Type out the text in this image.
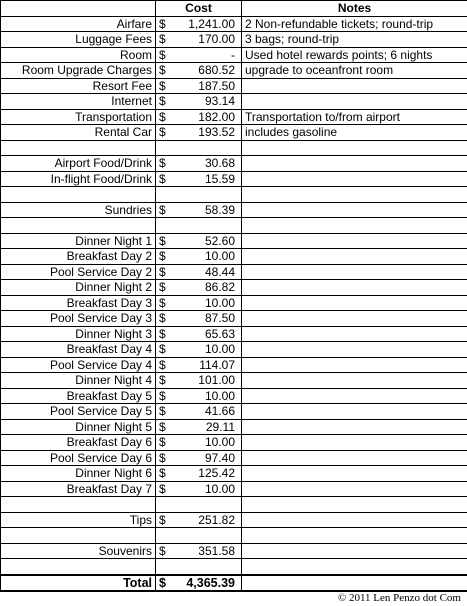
	Cost	Notes
Airfare	$ 1,241.00	2 Non-refundable tickets; round-trip
Luggage Fees	$ 170.00	3 bags; round-trip
Room	$ -	Used hotel rewards points; 6 nights
Room Upgrade Charges	$ 680.52	upgrade to oceanfront room
Resort Fee	$ 187.50	

Internet	$ 93.14	

Transportation	$ 182.00	Transportation to/from airport
Rental Car	$ 193.52	includes gasoline

Airport Food/Drink	$ 30.68	

In-flight Food/Drink	$ 15.59	

Sundries	$ 58.39	

Dinner Night 1	$ 52.60	

Breakfast Day 2	$ 10.00	

Pool Service Day 2	$ 48.44	

Dinner Night 2	$ 86.82	

Breakfast Day 3	$ 10.00	

Pool Service Day 3	$ 87.50	

Dinner Night 3	$ 65.63	

Breakfast Day 4	$ 10.00	

Pool Service Day 4	$ 114.07	

Dinner Night 4	$ 101.00	

Breakfast Day 5	$ 10.00	

Pool Service Day 5	$ 41.66	

Dinner Night 5	$ 29.11	

Breakfast Day 6	$ 10.00	

Pool Service Day 6	$ 97.40	

Dinner Night 6	$ 125.42	

Breakfast Day 7	$ 10.00	

Tips	$ 251.82	

Souvenirs	$ 351.58	

Total	$ 4,365.39	

© 2011 Len Penzo dot Com
